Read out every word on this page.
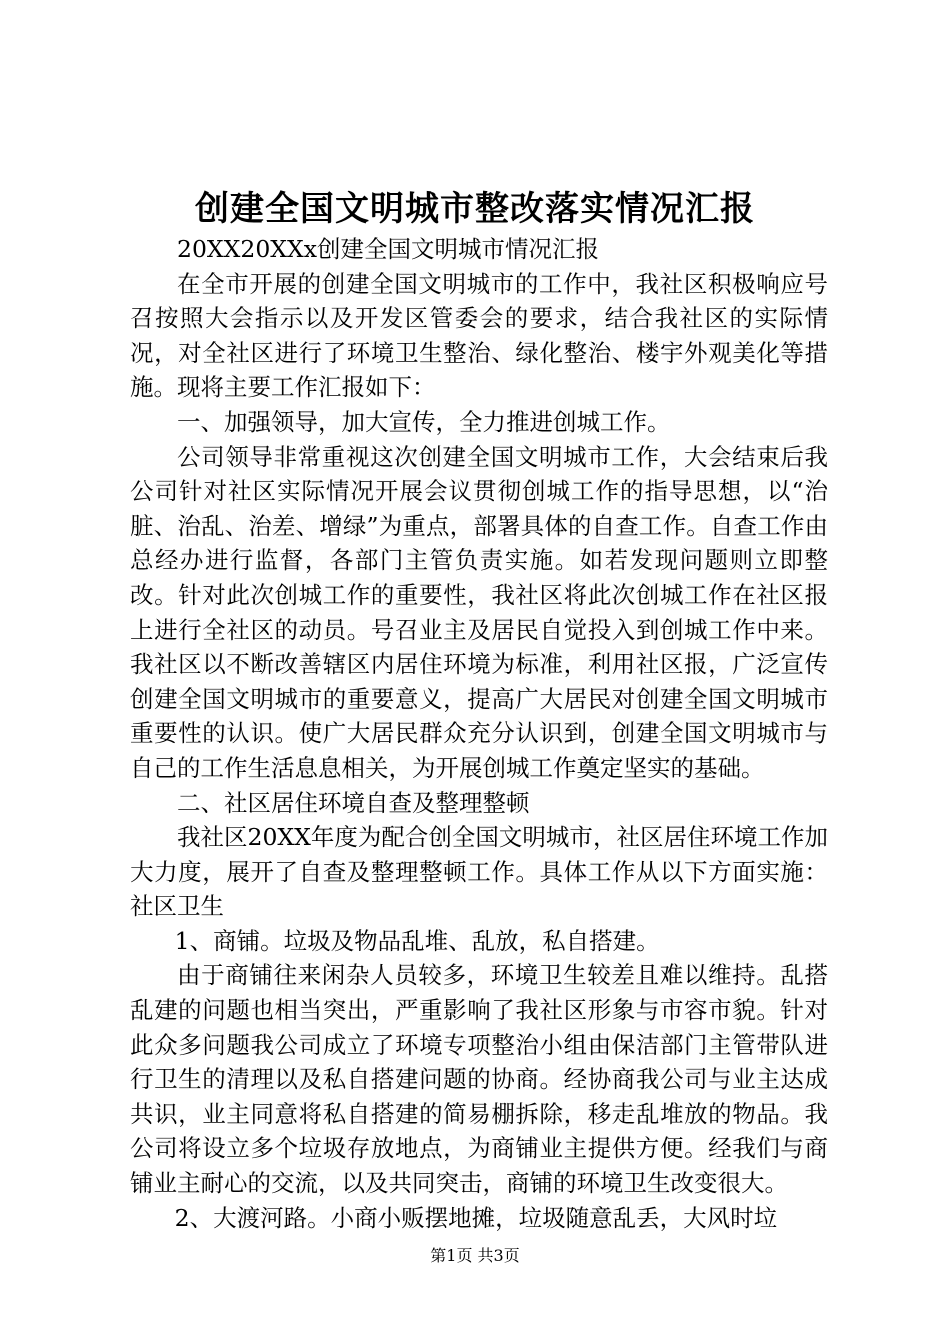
创建全国文明城市整改落实情况汇报

20XX20XXx创建全国文明城市情况汇报

在全市开展的创建全国文明城市的工作中，我社区积极响应号召按照大会指示以及开发区管委会的要求，结合我社区的实际情况，对全社区进行了环境卫生整治、绿化整治、楼宇外观美化等措施。现将主要工作汇报如下：

一、加强领导，加大宣传，全力推进创城工作。

公司领导非常重视这次创建全国文明城市工作，大会结束后我公司针对社区实际情况开展会议贯彻创城工作的指导思想，以“治脏、治乱、治差、增绿”为重点，部署具体的自查工作。自查工作由总经办进行监督，各部门主管负责实施。如若发现问题则立即整改。针对此次创城工作的重要性，我社区将此次创城工作在社区报上进行全社区的动员。号召业主及居民自觉投入到创城工作中来。我社区以不断改善辖区内居住环境为标准，利用社区报，广泛宣传创建全国文明城市的重要意义，提高广大居民对创建全国文明城市重要性的认识。使广大居民群众充分认识到，创建全国文明城市与自己的工作生活息息相关，为开展创城工作奠定坚实的基础。

二、社区居住环境自查及整理整顿

我社区20XX年度为配合创全国文明城市，社区居住环境工作加大力度，展开了自查及整理整顿工作。具体工作从以下方面实施：社区卫生

1、商铺。垃圾及物品乱堆、乱放，私自搭建。

由于商铺往来闲杂人员较多，环境卫生较差且难以维持。乱搭乱建的问题也相当突出，严重影响了我社区形象与市容市貌。针对此众多问题我公司成立了环境专项整治小组由保洁部门主管带队进行卫生的清理以及私自搭建问题的协商。经协商我公司与业主达成共识，业主同意将私自搭建的简易棚拆除，移走乱堆放的物品。我公司将设立多个垃圾存放地点，为商铺业主提供方便。经我们与商铺业主耐心的交流，以及共同突击，商铺的环境卫生改变很大。

2、大渡河路。小商小贩摆地摊，垃圾随意乱丢，大风时垃

第1页 共3页
